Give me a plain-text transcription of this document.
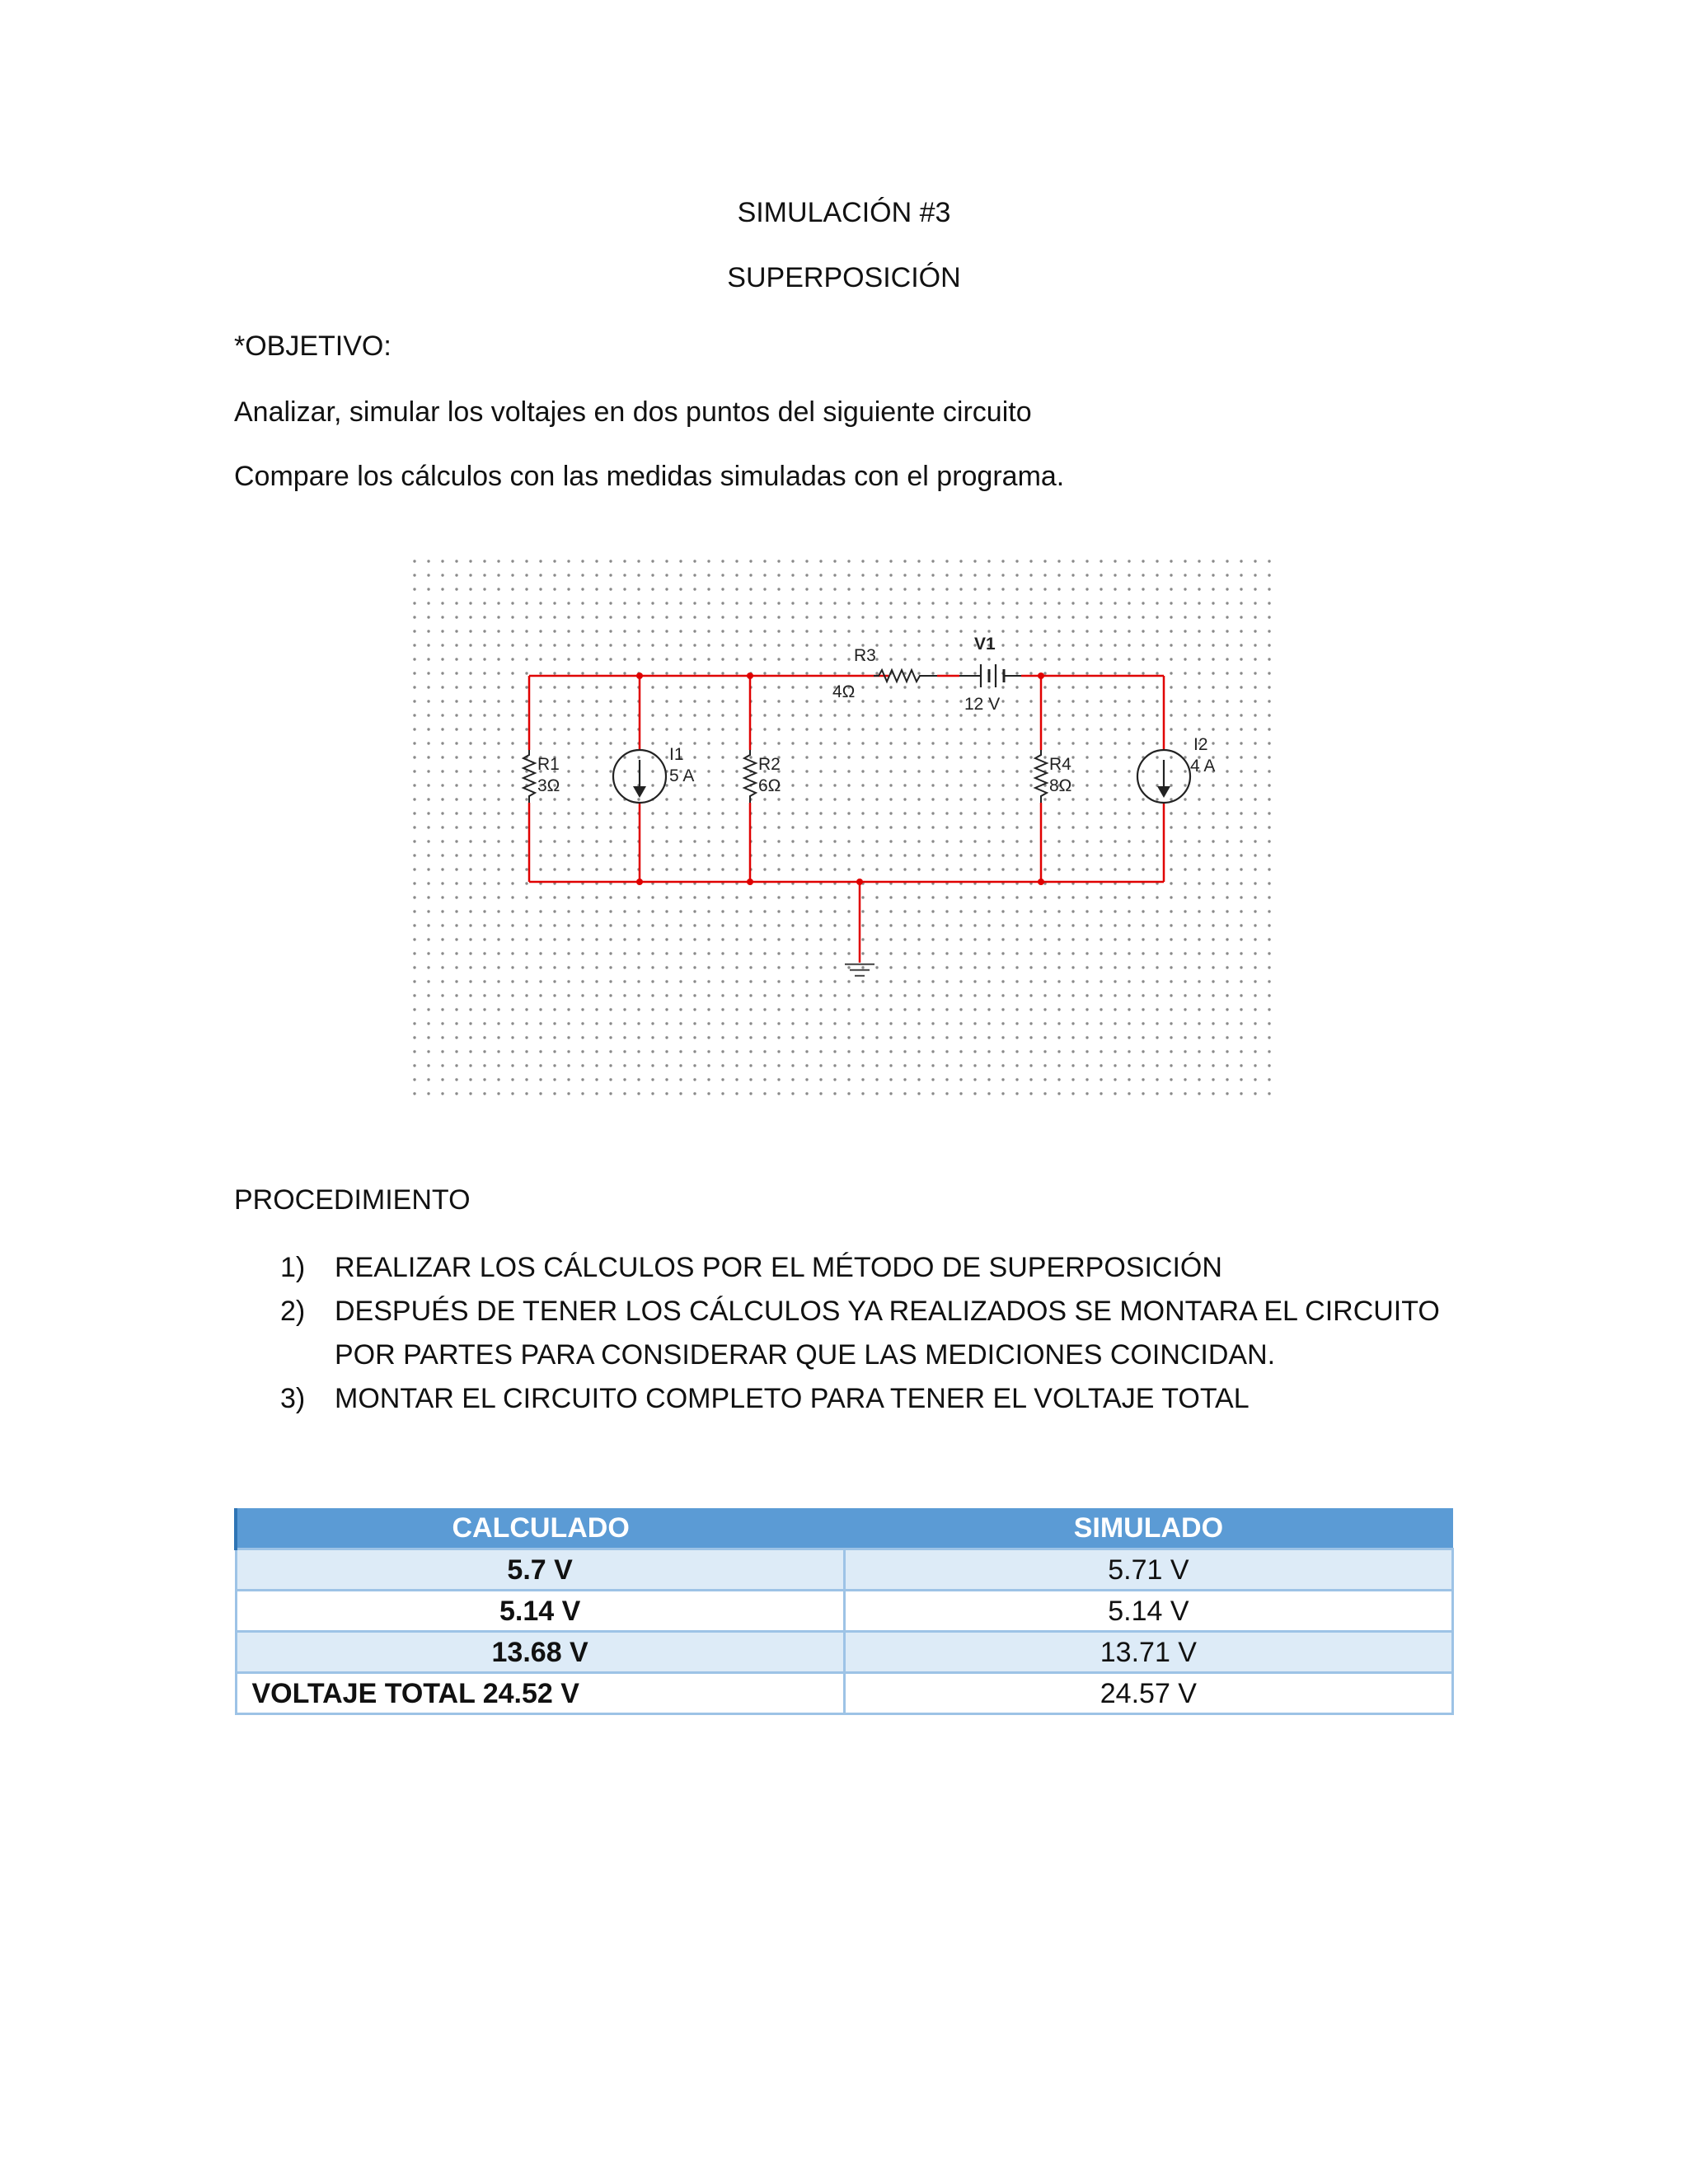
SIMULACIÓN #3
SUPERPOSICIÓN
*OBJETIVO:
Analizar, simular los voltajes en dos puntos del siguiente circuito
Compare los cálculos con las medidas simuladas con el programa.
R1
3Ω
I1
5 A
R2
6Ω
R3
4Ω
V1
12 V
R4
8Ω
I2
4 A
PROCEDIMIENTO
1) REALIZAR LOS CÁLCULOS POR EL MÉTODO DE SUPERPOSICIÓN
2) DESPUÉS DE TENER LOS CÁLCULOS YA REALIZADOS SE MONTARA EL CIRCUITO POR PARTES PARA CONSIDERAR QUE LAS MEDICIONES COINCIDAN.
3) MONTAR EL CIRCUITO COMPLETO PARA TENER EL VOLTAJE TOTAL
CALCULADO	SIMULADO
5.7 V	5.71 V
5.14 V	5.14 V
13.68 V	13.71 V
VOLTAJE TOTAL 24.52 V	24.57 V
